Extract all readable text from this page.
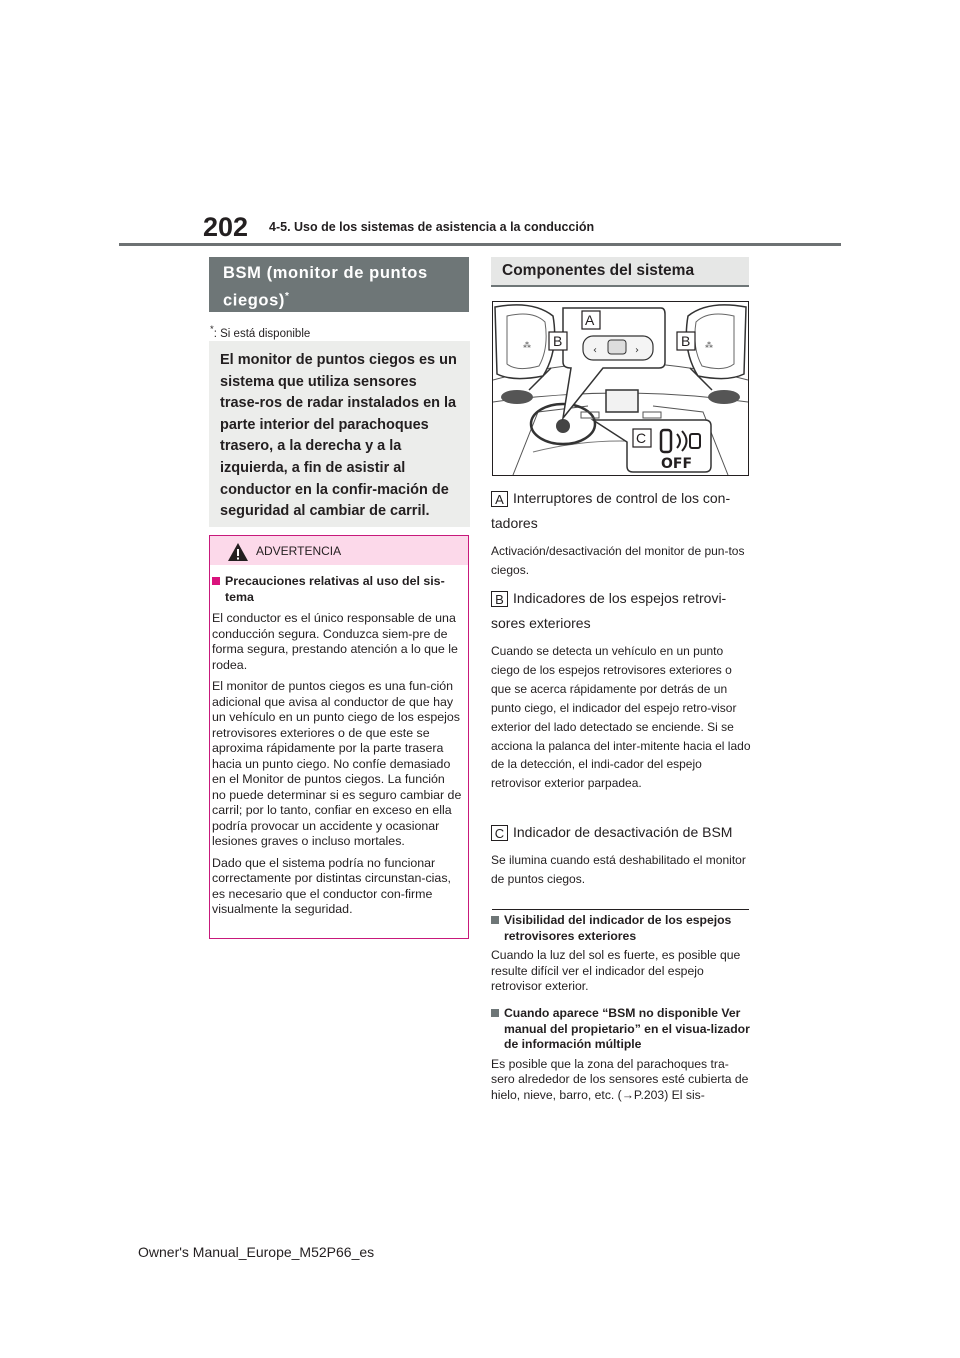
202 4-5. Uso de los sistemas de asistencia a la conducción
BSM (monitor de puntos ciegos)*
*: Si está disponible

El monitor de puntos ciegos es un sistema que utiliza sensores trase-ros de radar instalados en la parte interior del parachoques trasero, a la derecha y a la izquierda, a fin de asistir al conductor en la confir-mación de seguridad al cambiar de carril.

ADVERTENCIA
Precauciones relativas al uso del sis-tema

El conductor es el único responsable de una conducción segura. Conduzca siem-pre de forma segura, prestando atención a lo que le rodea.

El monitor de puntos ciegos es una fun-ción adicional que avisa al conductor de que hay un vehículo en un punto ciego de los espejos retrovisores exteriores o de que este se aproxima rápidamente por la parte trasera hacia un punto ciego. No confíe demasiado en el Monitor de puntos ciegos. La función no puede determinar si es seguro cambiar de carril; por lo tanto, confiar en exceso en ella podría provocar un accidente y ocasionar lesiones graves o incluso mortales.

Dado que el sistema podría no funcionar correctamente por distintas circunstan-cias, es necesario que el conductor con-firme visualmente la seguridad.

Componentes del sistema
⁂	⁂
‹	›
OFF
A
B	B
C
A Interruptores de control de los con-tadores
Activación/desactivación del monitor de pun-tos ciegos.
B Indicadores de los espejos retrovi-sores exteriores
Cuando se detecta un vehículo en un punto ciego de los espejos retrovisores exteriores o que se acerca rápidamente por detrás de un punto ciego, el indicador del espejo retro-visor exterior del lado detectado se enciende. Si se acciona la palanca del inter-mitente hacia el lado de la detección, el indi-cador del espejo retrovisor exterior parpadea.
C Indicador de desactivación de BSM
Se ilumina cuando está deshabilitado el monitor de puntos ciegos.
Visibilidad del indicador de los espejos retrovisores exteriores

Cuando la luz del sol es fuerte, es posible que resulte difícil ver el indicador del espejo retrovisor exterior.

Cuando aparece “BSM no disponible Ver manual del propietario” en el visua-lizador de información múltiple

Es posible que la zona del parachoques tra-sero alrededor de los sensores esté cubierta de hielo, nieve, barro, etc. (→P.203) El sis-

Owner's Manual_Europe_M52P66_es
